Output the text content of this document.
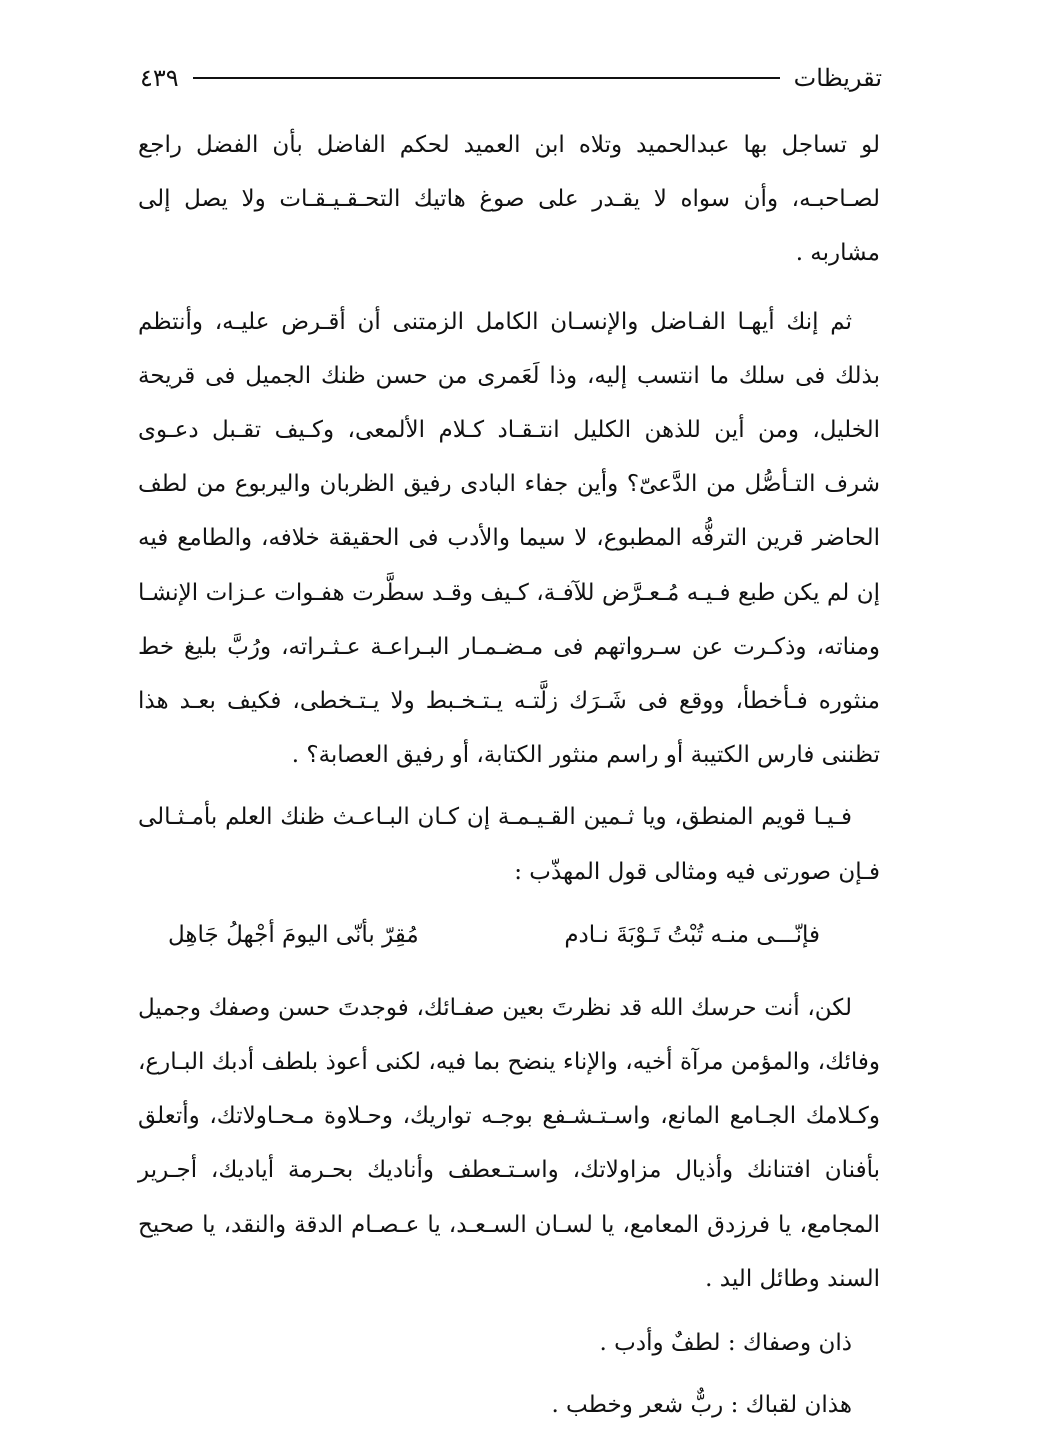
تقريظات
٤٣٩

لو تساجل بها عبدالحميد وتلاه ابن العميد لحكم الفاضل بأن الفضل راجع لصـاحبـه، وأن سواه لا يقـدر على صوغ هاتيك التحـقـيـقـات ولا يصل إلى مشاربه .

ثم إنك أيهـا الفـاضل والإنسـان الكامل الزمتنى أن أقـرض عليـه، وأنتظم بذلك فى سلك ما انتسب إليه، وذا لَعَمرى من حسن ظنك الجميل فى قريحة الخليل، ومن أين للذهن الكليل انتـقـاد كـلام الألمعى، وكـيف تقـبل دعـوى شرف التـأصُّل من الدَّعىّ؟ وأين جفاء البادى رفيق الظربان واليربوع من لطف الحاضر قرين الترفُّه المطبوع، لا سيما والأدب فى الحقيقة خلافه، والطامع فيه إن لم يكن طبع فـيـه مُـعـرَّض للآفـة، كـيف وقـد سطَّرت هفـوات عـزات الإنشـا ومناته، وذكـرت عن سـرواتهم فى مـضـمـار البـراعـة عـثـراته، ورُبَّ بليغ خط منثوره فـأخطأ، ووقع فى شَـرَك زلَّتـه يـتـخـبط ولا يـتـخطى، فكيف بعـد هذا تظننى فارس الكتيبة أو راسم منثور الكتابة، أو رفيق العصابة؟ .

فـيـا قويم المنطق، ويا ثـمين القـيـمـة إن كـان البـاعـث ظنك العلم بأمـثـالى فـإن صورتى فيه ومثالى قول المهذّب :

فإنّـــى منـه تُبْتُ تَـوْبَةَ نـادم
مُقِرّ بأنّى اليومَ أجْهلُ جَاهِل

لكن، أنت حرسك الله قد نظرتَ بعين صفـائك، فوجدتَ حسن وصفك وجميل وفائك، والمؤمن مرآة أخيه، والإناء ينضح بما فيه، لكنى أعوذ بلطف أدبك البـارع، وكـلامك الجـامع المانع، واسـتـشـفع بوجـه تواريك، وحـلاوة مـحـاولاتك، وأتعلق بأفنان افتنانك وأذيال مزاولاتك، واسـتـعطف وأناديك بحـرمة أياديك، أجـرير المجامع، يا فرزدق المعامع، يا لسـان السـعـد، يا عـصـام الدقة والنقد، يا صحيح السند وطائل اليد .

ذان وصفاك : لطفٌ وأدب .
هذان لقباك : ربٌّ شعر وخطب .
